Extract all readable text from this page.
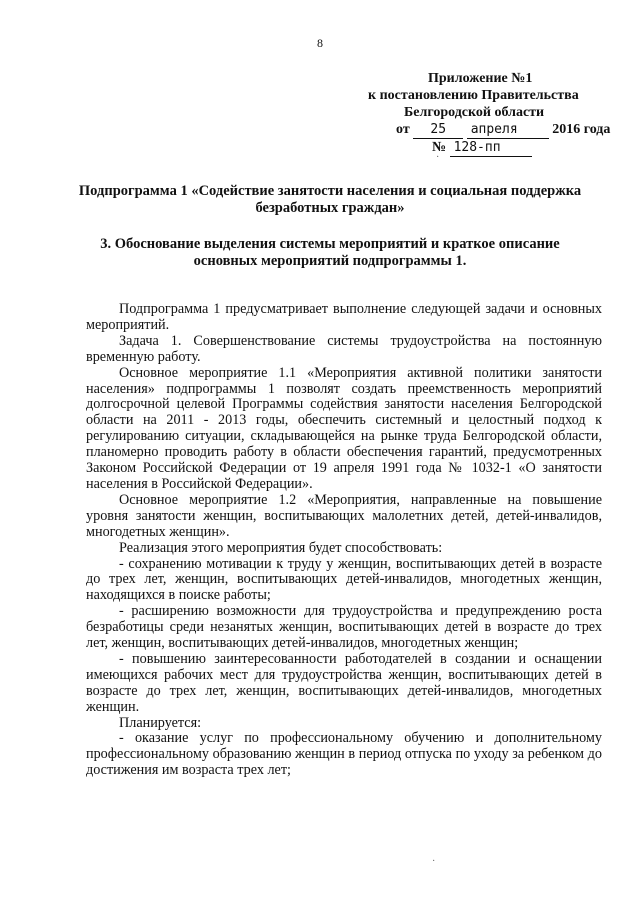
8
Приложение №1
к постановлению Правительства
Белгородской области
от 25 апреля 2016 года
№ 128-пп
Подпрограмма 1 «Содействие занятости населения и социальная поддержка безработных граждан»
3. Обоснование выделения системы мероприятий и краткое описание основных мероприятий подпрограммы 1.

Подпрограмма 1 предусматривает выполнение следующей задачи и основных мероприятий.

Задача 1. Совершенствование системы трудоустройства на постоянную временную работу.

Основное мероприятие 1.1 «Мероприятия активной политики занятости населения» подпрограммы 1 позволят создать преемственность мероприятий долгосрочной целевой Программы содействия занятости населения Белгородской области на 2011 - 2013 годы, обеспечить системный и целостный подход к регулированию ситуации, складывающейся на рынке труда Белгородской области, планомерно проводить работу в области обеспечения гарантий, предусмотренных Законом Российской Федерации от 19 апреля 1991 года № 1032-1 «О занятости населения в Российской Федерации».

Основное мероприятие 1.2 «Мероприятия, направленные на повышение уровня занятости женщин, воспитывающих малолетних детей, детей-инвалидов, многодетных женщин».

Реализация этого мероприятия будет способствовать:

- сохранению мотивации к труду у женщин, воспитывающих детей в возрасте до трех лет, женщин, воспитывающих детей-инвалидов, многодетных женщин, находящихся в поиске работы;

- расширению возможности для трудоустройства и предупреждению роста безработицы среди незанятых женщин, воспитывающих детей в возрасте до трех лет, женщин, воспитывающих детей-инвалидов, многодетных женщин;

- повышению заинтересованности работодателей в создании и оснащении имеющихся рабочих мест для трудоустройства женщин, воспитывающих детей в возрасте до трех лет, женщин, воспитывающих детей-инвалидов, многодетных женщин.

Планируется:

- оказание услуг по профессиональному обучению и дополнительному профессиональному образованию женщин в период отпуска по уходу за ребенком до достижения им возраста трех лет;

·
·
